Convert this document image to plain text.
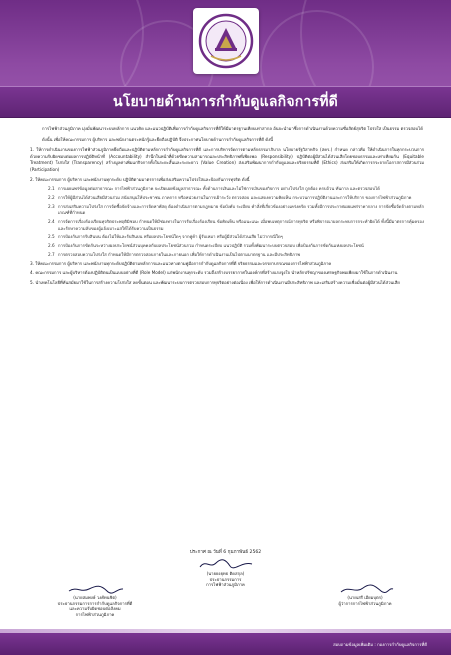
นโยบายด้านการกำกับดูแลกิจการที่ดี

การไฟฟ้าส่วนภูมิภาค มุ่งมั่นพัฒนาระบบหลักการ แนวคิด และแนวปฏิบัติเพื่อการกำกับดูแลกิจการที่ดีให้มีมาตรฐานเทียบเท่าสากล อันจะนำมาซึ่งการดำเนินงานด้วยความซื่อสัตย์สุจริต โปร่งใส เป็นธรรม ตรวจสอบได้

ดังนั้น เพื่อให้คณะกรรมการ ผู้บริหาร และพนักงานตระหนักรู้และยึดถือปฏิบัติ จึงประกาศนโยบายด้านการกำกับดูแลกิจการที่ดี ดังนี้

1. ให้การดำเนินงานของการไฟฟ้าส่วนภูมิภาคยึดถือและปฏิบัติตามหลักการกำกับดูแลกิจการที่ดี และการบริหารจัดการตามหลักธรรมาภิบาล นโยบายรัฐวิสาหกิจ (สคร.) กำหนด กล่าวคือ ให้ดำเนินการในทุกกระบวนการด้วยความรับผิดชอบต่อผลการปฏิบัติหน้าที่ (Accountability) สำนึกในหน้าที่ด้วยขีดความสามารถและประสิทธิภาพที่เพียงพอ (Responsibility) ปฏิบัติต่อผู้มีส่วนได้ส่วนเสียโดยชอบธรรมและเท่าเทียมกัน (Equitable Treatment) โปร่งใส (Transparency) สร้างมูลค่าเพิ่มแก่กิจการทั้งในระยะสั้นและระยะยาว (Value Creation) ส่งเสริมพัฒนาการกำกับดูแลและจริยธรรมที่ดี (Ethics) ส่งเสริมให้เกิดการกระจายโอกาสการมีส่วนร่วม (Participation)

2. ให้คณะกรรมการ ผู้บริหาร และพนักงานทุกระดับ ปฏิบัติตามมาตรการเพื่อส่งเสริมความโปร่งใสและป้องกันการทุจริต ดังนี้

2.1 การเผยแพร่ข้อมูลต่อสาธารณะ การไฟฟ้าส่วนภูมิภาค จะเปิดเผยข้อมูลสาธารณะ ทั้งด้านการเงินและไม่ใช่การเงินของกิจการ อย่างโปร่งใส ถูกต้อง ครบถ้วน ทันกาล และตรวจสอบได้
2.2 การให้ผู้มีส่วนได้ส่วนเสียมีส่วนร่วม สนับสนุนให้ประชาชน ภาคการ หรือหน่วยงานในการเฝ้าระวัง ตรวจสอบ และแสดงความคิดเห็น กระบวนการปฏิบัติงานและการให้บริการ ของการไฟฟ้าส่วนภูมิภาค
2.3 การส่งเสริมความโปร่งใส การจัดซื้อจัดจ้างและการจัดหาพัสดุ ต้องดำเนินการตามกฎหมาย ข้อบังคับ ระเบียบ คำสั่งที่เกี่ยวข้องอย่างเคร่งครัด รวมทั้งมีการประกาศเผยแพร่ราคากลาง การจัดซื้อจัดจ้างตามหลักเกณฑ์ที่กำหนด
2.4 การจัดการเรื่องร้องเรียนทุจริตประพฤติมิชอบ กำหนดให้มีช่องทางในการรับเรื่องร้องเรียน ข้อคิดเห็น หรือแนะแนะ เมื่อพบเหตุการณ์การทุจริต หรือพิจารณาผลกระทบการกระทำผิดได้ ทั้งนี้มีมาตรการคุ้มครองและรักษาความลับของผู้แจ้งเบาะแสให้ได้รับความเป็นธรรม
2.5 การป้องกันการรับสินบน ต้องไม่ให้และรับสินบน หรือผลประโยชน์ใดๆ จากคู่ค้า ผู้รับเหมา หรือผู้มีส่วนได้ส่วนเสีย ไม่ว่ากรณีใดๆ
2.6 การป้องกันการขัดกันระหว่างผลประโยชน์ส่วนบุคคลกับผลประโยชน์ส่วนรวม กำหนดระเบียบ แนวปฏิบัติ รวมทั้งพัฒนาระบบตรวจสอบ เพื่อป้องกันการขัดกันแห่งผลประโยชน์
2.7 การตรวจสอบความโปร่งใส กำหนดให้มีการตรวจสอบภายในและภายนอก เพื่อให้การดำเนินงานเป็นไปตามมาตรฐาน และมีประสิทธิภาพ

3. ให้คณะกรรมการ ผู้บริหาร และพนักงานทุกระดับปฏิบัติตามหลักการและแนวทางตามคู่มือการกำกับดูแลกิจการที่ดี จริยธรรมและจรรยาบรรณของการไฟฟ้าส่วนภูมิภาค

4. คณะกรรมการ และผู้บริหารต้องปฏิบัติตนเป็นแบบอย่างที่ดี (Role Model) แก่พนักงานทุกระดับ รวมถึงสร้างบรรยากาศในองค์กรที่สร้างแรงจูงใจ นำหลักปรัชญาของเศรษฐกิจพอเพียงมาใช้ในการดำเนินงาน

5. นำเทคโนโลยีที่ทันสมัยมาใช้ในการสร้างความโปร่งใส ลดขั้นตอน และพัฒนาระบบการตรวจสอบการทุจริตอย่างต่อเนื่อง เพื่อให้การดำเนินงานมีประสิทธิภาพ และเสริมสร้างความเชื่อมั่นต่อผู้มีส่วนได้ส่วนเสีย

ประกาศ ณ วันที่ 6 กุมภาพันธ์ 2562
(นายยงยุทธ ติดสกุล)
ประธานกรรมการ
การไฟฟ้าส่วนภูมิภาค
(นายสมพงษ์ วงศ์ทนชิต)
ประธานกรรมการการกำกับดูแลกิจการที่ดี
และความรับผิดชอบต่อสังคม
การไฟฟ้าส่วนภูมิภาค
(นายเสรี เอียมบุตร)
ผู้ว่าการการไฟฟ้าส่วนภูมิภาค
สอบถามข้อมูลเพิ่มเติม : กองการกำกับดูแลกิจการที่ดี
